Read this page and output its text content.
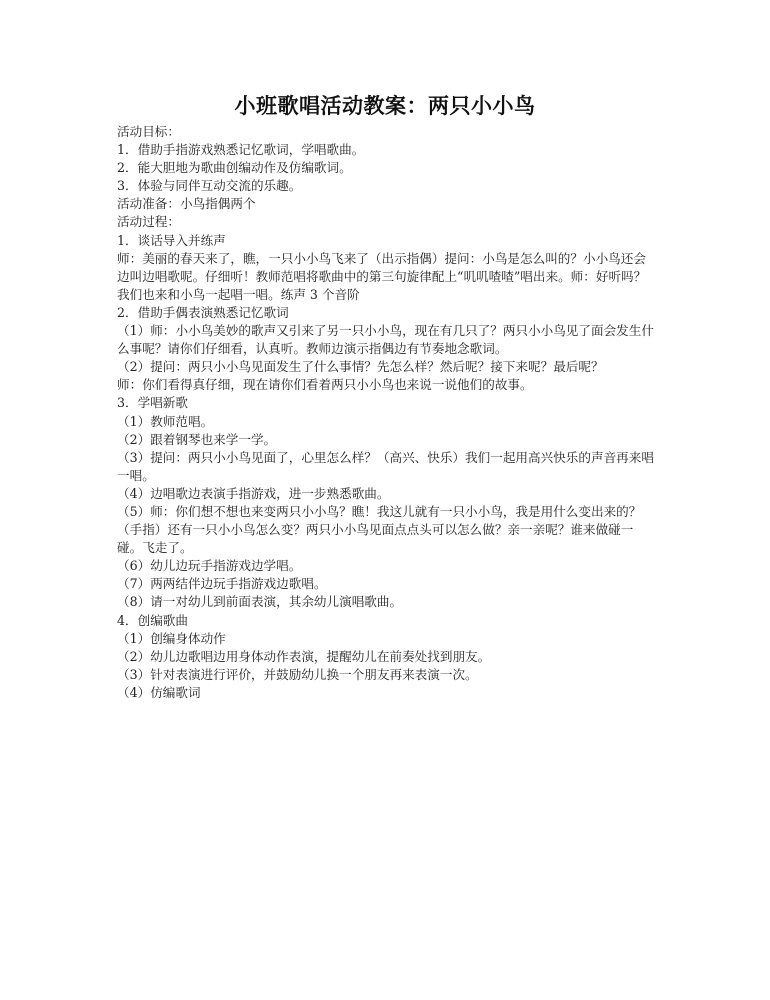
小班歌唱活动教案：两只小小鸟

活动目标：

1．借助手指游戏熟悉记忆歌词，学唱歌曲。

2．能大胆地为歌曲创编动作及仿编歌词。

3．体验与同伴互动交流的乐趣。

活动准备：小鸟指偶两个

活动过程：

1．谈话导入并练声

师：美丽的春天来了，瞧，一只小小鸟飞来了（出示指偶）提问：小鸟是怎么叫的？小小鸟还会边叫边唱歌呢。仔细听！教师范唱将歌曲中的第三句旋律配上“叽叽喳喳”唱出来。师：好听吗？我们也来和小鸟一起唱一唱。练声 3 个音阶

2．借助手偶表演熟悉记忆歌词

（1）师：小小鸟美妙的歌声又引来了另一只小小鸟，现在有几只了？两只小小鸟见了面会发生什么事呢？请你们仔细看，认真听。教师边演示指偶边有节奏地念歌词。

（2）提问：两只小小鸟见面发生了什么事情？先怎么样？然后呢？接下来呢？最后呢？

师：你们看得真仔细，现在请你们看着两只小小鸟也来说一说他们的故事。

3．学唱新歌

（1）教师范唱。

（2）跟着钢琴也来学一学。

（3）提问：两只小小鸟见面了，心里怎么样？（高兴、快乐）我们一起用高兴快乐的声音再来唱一唱。

（4）边唱歌边表演手指游戏，进一步熟悉歌曲。

（5）师：你们想不想也来变两只小小鸟？瞧！我这儿就有一只小小鸟，我是用什么变出来的？（手指）还有一只小小鸟怎么变？两只小小鸟见面点点头可以怎么做？亲一亲呢？谁来做碰一碰。飞走了。

（6）幼儿边玩手指游戏边学唱。

（7）两两结伴边玩手指游戏边歌唱。

（8）请一对幼儿到前面表演，其余幼儿演唱歌曲。

4．创编歌曲

（1）创编身体动作

（2）幼儿边歌唱边用身体动作表演，提醒幼儿在前奏处找到朋友。

（3）针对表演进行评价，并鼓励幼儿换一个朋友再来表演一次。

（4）仿编歌词
